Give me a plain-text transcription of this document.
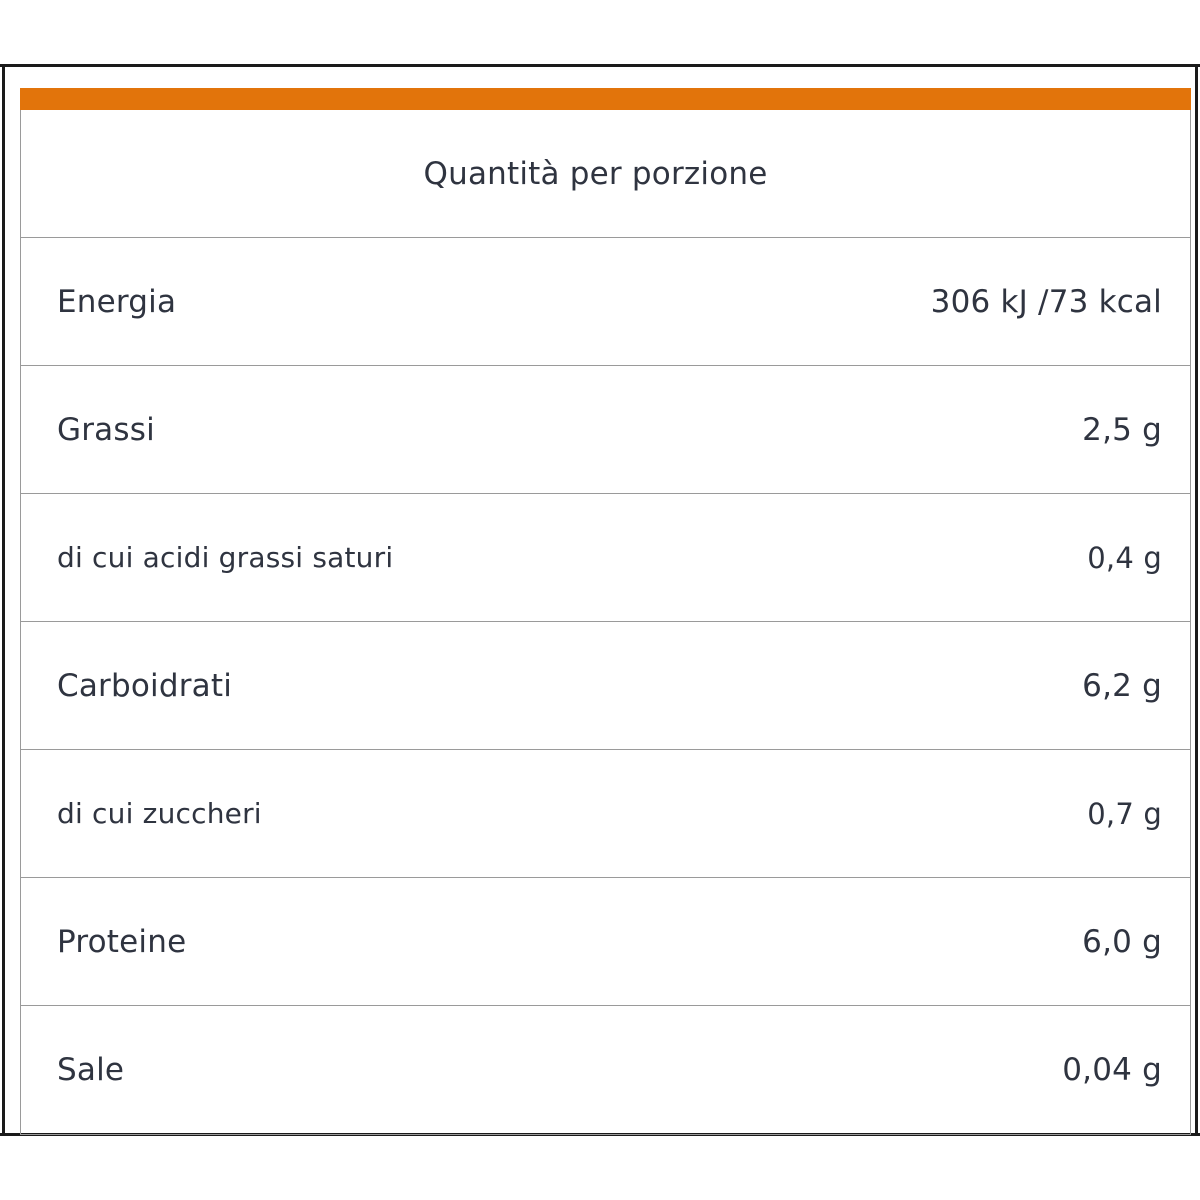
Quantità per porzione
Energia	306 kJ /73 kcal
Grassi	2,5 g
di cui acidi grassi saturi	0,4 g
Carboidrati	6,2 g
di cui zuccheri	0,7 g
Proteine	6,0 g
Sale	0,04 g
